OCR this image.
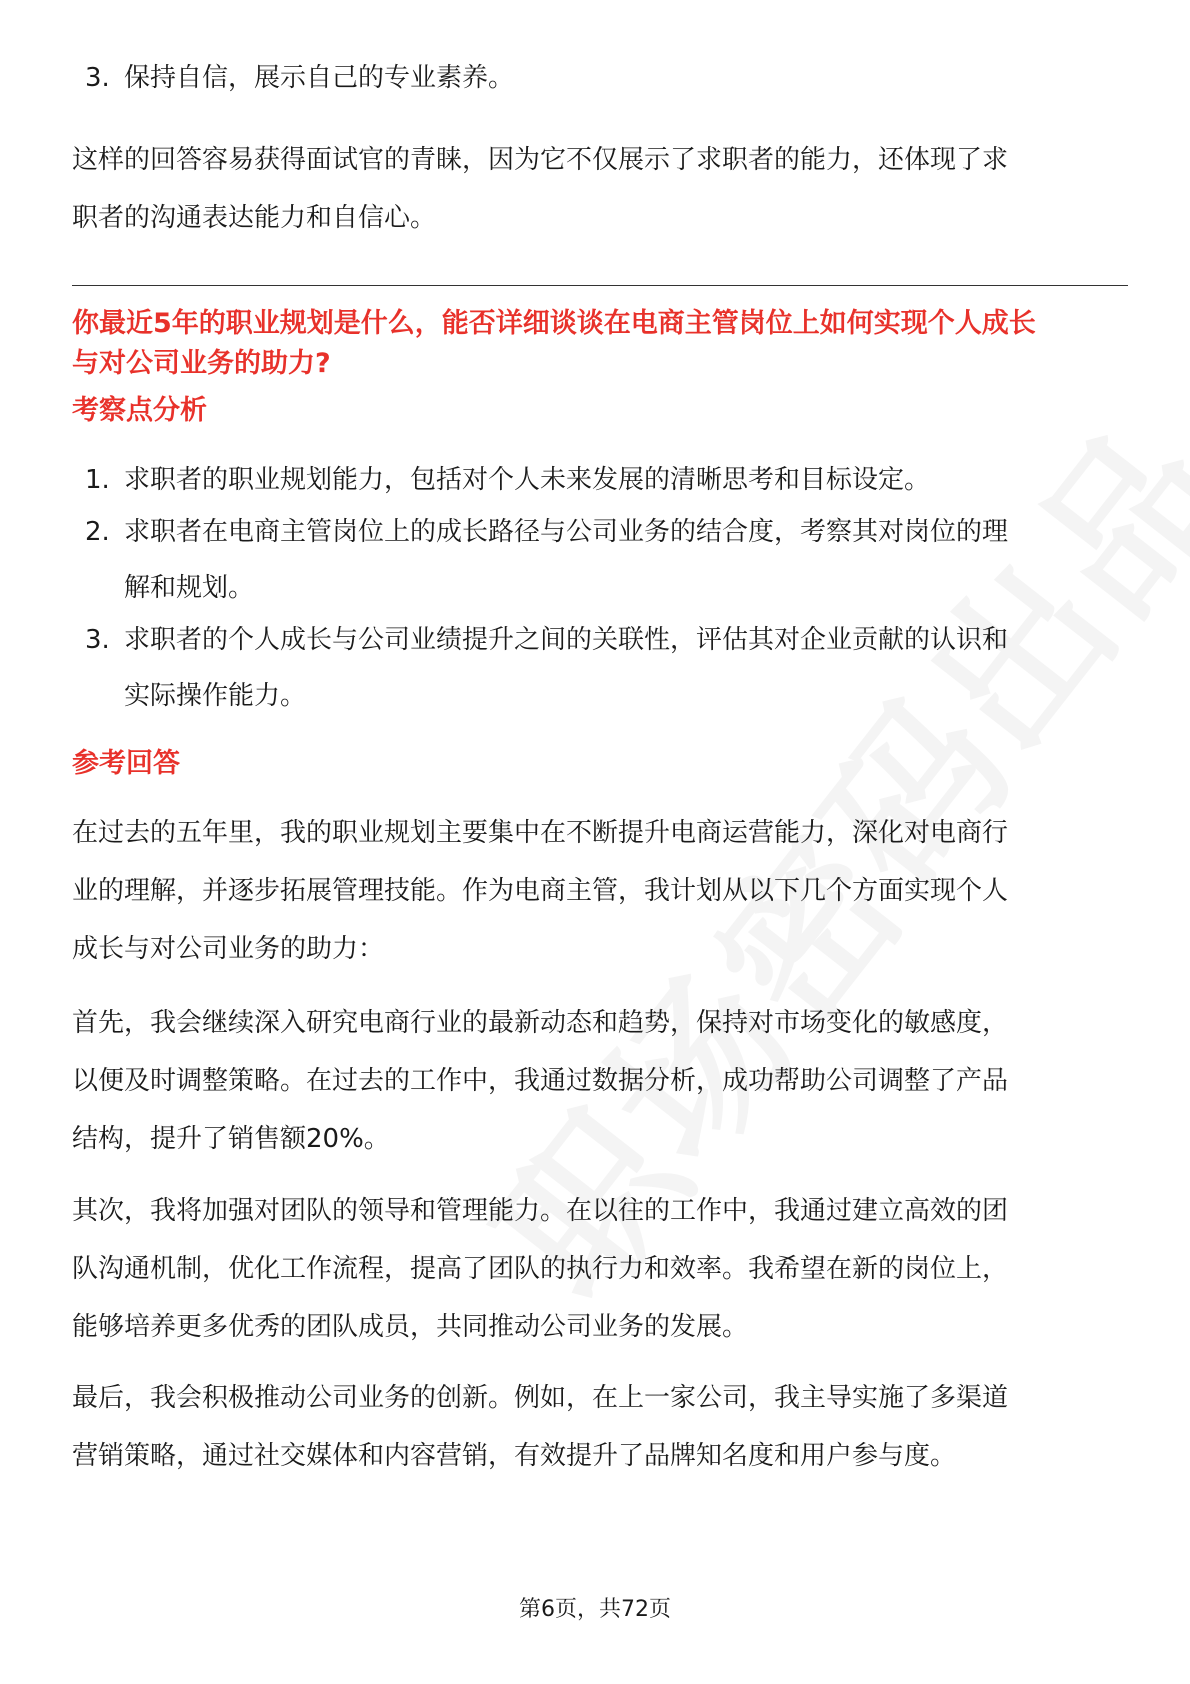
3. 保持自信，展示自己的专业素养。
这样的回答容易获得面试官的青睐，因为它不仅展示了求职者的能力，还体现了求
职者的沟通表达能力和自信心。
你最近5年的职业规划是什么，能否详细谈谈在电商主管岗位上如何实现个人成长
与对公司业务的助力?
考察点分析
1. 求职者的职业规划能力，包括对个人未来发展的清晰思考和目标设定。
2. 求职者在电商主管岗位上的成长路径与公司业务的结合度，考察其对岗位的理
解和规划。
3. 求职者的个人成长与公司业绩提升之间的关联性，评估其对企业贡献的认识和
实际操作能力。
参考回答
在过去的五年里，我的职业规划主要集中在不断提升电商运营能力，深化对电商行
业的理解，并逐步拓展管理技能。作为电商主管，我计划从以下几个方面实现个人
成长与对公司业务的助力：
首先，我会继续深入研究电商行业的最新动态和趋势，保持对市场变化的敏感度，
以便及时调整策略。在过去的工作中，我通过数据分析，成功帮助公司调整了产品
结构，提升了销售额20%。
其次，我将加强对团队的领导和管理能力。在以往的工作中，我通过建立高效的团
队沟通机制，优化工作流程，提高了团队的执行力和效率。我希望在新的岗位上，
能够培养更多优秀的团队成员，共同推动公司业务的发展。
最后，我会积极推动公司业务的创新。例如，在上一家公司，我主导实施了多渠道
营销策略，通过社交媒体和内容营销，有效提升了品牌知名度和用户参与度。
第6页，共72页
